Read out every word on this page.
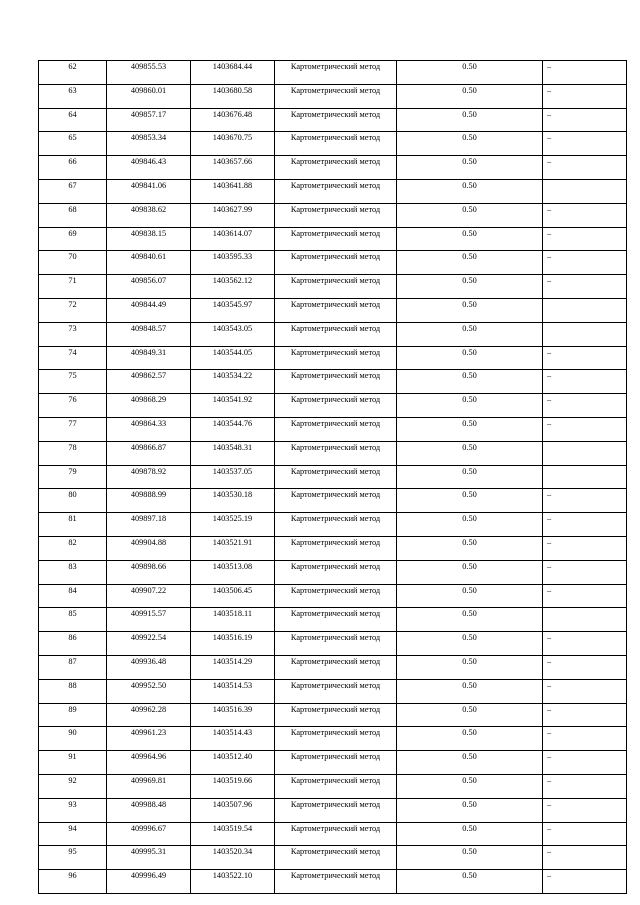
62	409855.53	1403684.44	Картометрический метод	0.50	–
63	409860.01	1403680.58	Картометрический метод	0.50	–
64	409857.17	1403676.48	Картометрический метод	0.50	–
65	409853.34	1403670.75	Картометрический метод	0.50	–
66	409846.43	1403657.66	Картометрический метод	0.50	–
67	409841.06	1403641.88	Картометрический метод	0.50	
68	409838.62	1403627.99	Картометрический метод	0.50	–
69	409838.15	1403614.07	Картометрический метод	0.50	–
70	409840.61	1403595.33	Картометрический метод	0.50	–
71	409856.07	1403562.12	Картометрический метод	0.50	–
72	409844.49	1403545.97	Картометрический метод	0.50	
73	409848.57	1403543.05	Картометрический метод	0.50	
74	409849.31	1403544.05	Картометрический метод	0.50	–
75	409862.57	1403534.22	Картометрический метод	0.50	–
76	409868.29	1403541.92	Картометрический метод	0.50	–
77	409864.33	1403544.76	Картометрический метод	0.50	–
78	409866.87	1403548.31	Картометрический метод	0.50	
79	409878.92	1403537.05	Картометрический метод	0.50	
80	409888.99	1403530.18	Картометрический метод	0.50	–
81	409897.18	1403525.19	Картометрический метод	0.50	–
82	409904.88	1403521.91	Картометрический метод	0.50	–
83	409898.66	1403513.08	Картометрический метод	0.50	–
84	409907.22	1403506.45	Картометрический метод	0.50	–
85	409915.57	1403518.11	Картометрический метод	0.50	
86	409922.54	1403516.19	Картометрический метод	0.50	–
87	409936.48	1403514.29	Картометрический метод	0.50	–
88	409952.50	1403514.53	Картометрический метод	0.50	–
89	409962.28	1403516.39	Картометрический метод	0.50	–
90	409961.23	1403514.43	Картометрический метод	0.50	–
91	409964.96	1403512.40	Картометрический метод	0.50	–
92	409969.81	1403519.66	Картометрический метод	0.50	–
93	409988.48	1403507.96	Картометрический метод	0.50	–
94	409996.67	1403519.54	Картометрический метод	0.50	–
95	409995.31	1403520.34	Картометрический метод	0.50	–
96	409996.49	1403522.10	Картометрический метод	0.50	–
